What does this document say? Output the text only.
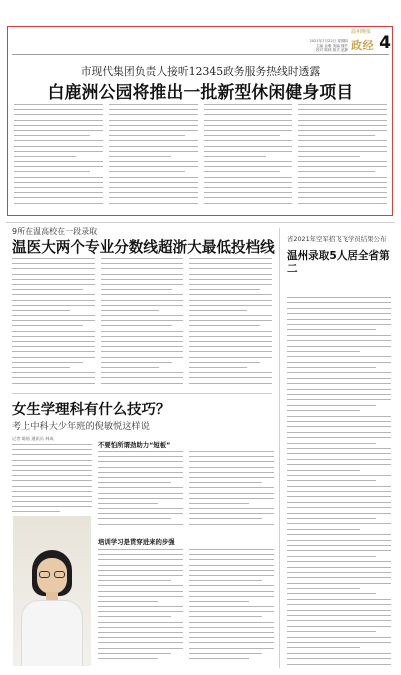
温州晚报
2021年7月22日 星期四
主编 金雅 美编 楼芹
校对 陈林 版式 赵静 政经 4
市现代集团负责人接听12345政务服务热线时透露
白鹿洲公园将推出一批新型休闲健身项目
9所在温高校在一段录取
温医大两个专业分数线超浙大最低投档线 省2021年空军招飞飞学员结果公布
温州录取5人居全省第二
女生学理科有什么技巧？
考上中科大少年班的倪敏悦这样说
记者 陈贻 通讯员 林成
不要怕所谓劲助力“短板”
培训学习是贯穿进来的步强
